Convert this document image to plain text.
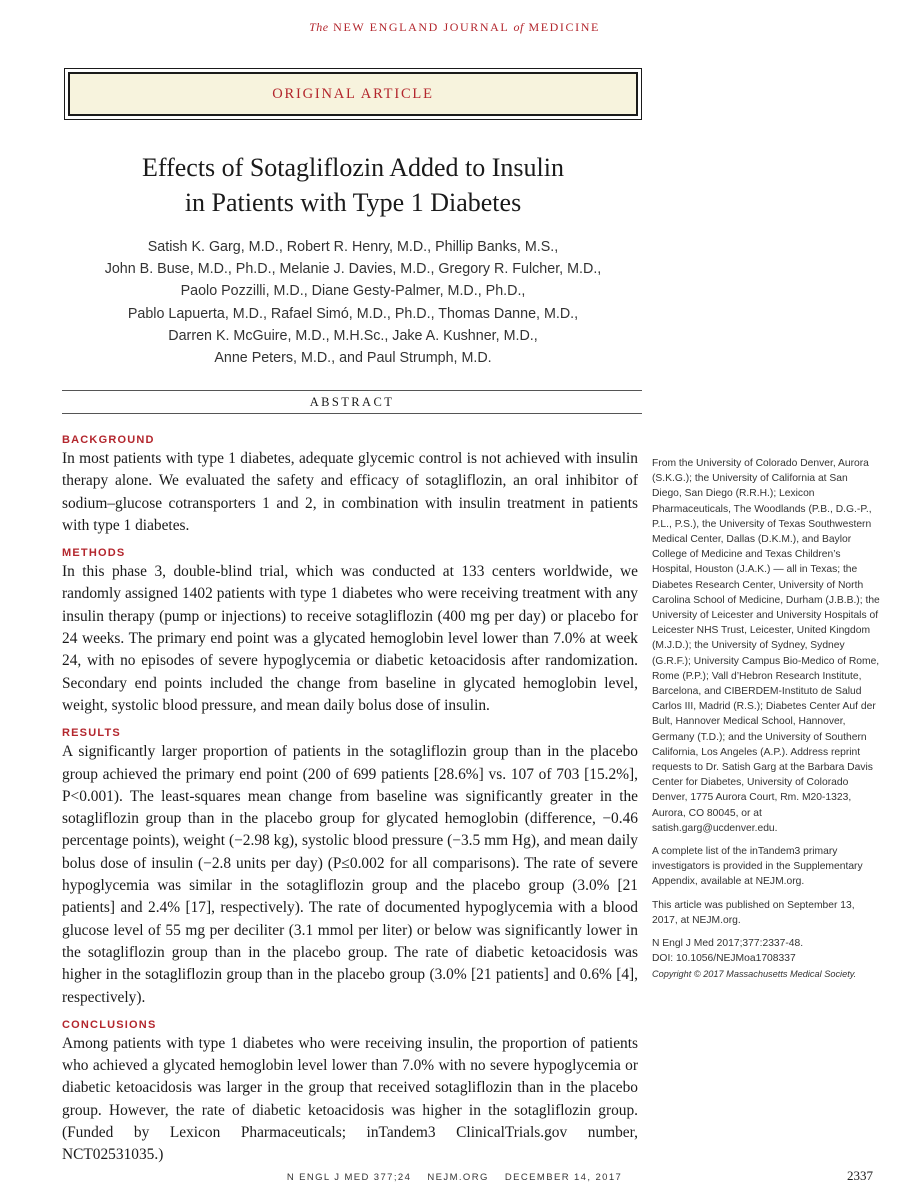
The NEW ENGLAND JOURNAL of MEDICINE
ORIGINAL ARTICLE
Effects of Sotagliflozin Added to Insulin
in Patients with Type 1 Diabetes
Satish K. Garg, M.D., Robert R. Henry, M.D., Phillip Banks, M.S.,
John B. Buse, M.D., Ph.D., Melanie J. Davies, M.D., Gregory R. Fulcher, M.D.,
Paolo Pozzilli, M.D., Diane Gesty-Palmer, M.D., Ph.D.,
Pablo Lapuerta, M.D., Rafael Simó, M.D., Ph.D., Thomas Danne, M.D.,
Darren K. McGuire, M.D., M.H.Sc., Jake A. Kushner, M.D.,
Anne Peters, M.D., and Paul Strumph, M.D.
ABSTRACT
BACKGROUND

In most patients with type 1 diabetes, adequate glycemic control is not achieved with insulin therapy alone. We evaluated the safety and efficacy of sotagliflozin, an oral inhibitor of sodium–glucose cotransporters 1 and 2, in combination with insulin treatment in patients with type 1 diabetes.

METHODS

In this phase 3, double-blind trial, which was conducted at 133 centers worldwide, we randomly assigned 1402 patients with type 1 diabetes who were receiving treatment with any insulin therapy (pump or injections) to receive sotagliflozin (400 mg per day) or placebo for 24 weeks. The primary end point was a glycated hemoglobin level lower than 7.0% at week 24, with no episodes of severe hypoglycemia or diabetic ketoacidosis after randomization. Secondary end points included the change from baseline in glycated hemoglobin level, weight, systolic blood pressure, and mean daily bolus dose of insulin.

RESULTS

A significantly larger proportion of patients in the sotagliflozin group than in the placebo group achieved the primary end point (200 of 699 patients [28.6%] vs. 107 of 703 [15.2%], P<0.001). The least-squares mean change from baseline was significantly greater in the sotagliflozin group than in the placebo group for glycated hemoglobin (difference, −0.46 percentage points), weight (−2.98 kg), systolic blood pressure (−3.5 mm Hg), and mean daily bolus dose of insulin (−2.8 units per day) (P≤0.002 for all comparisons). The rate of severe hypoglycemia was similar in the sotagliflozin group and the placebo group (3.0% [21 patients] and 2.4% [17], respectively). The rate of documented hypoglycemia with a blood glucose level of 55 mg per deciliter (3.1 mmol per liter) or below was significantly lower in the sotagliflozin group than in the placebo group. The rate of diabetic ketoacidosis was higher in the sotagliflozin group than in the placebo group (3.0% [21 patients] and 0.6% [4], respectively).

CONCLUSIONS

Among patients with type 1 diabetes who were receiving insulin, the proportion of patients who achieved a glycated hemoglobin level lower than 7.0% with no severe hypoglycemia or diabetic ketoacidosis was larger in the group that received sotagliflozin than in the placebo group. However, the rate of diabetic ketoacidosis was higher in the sotagliflozin group. (Funded by Lexicon Pharmaceuticals; inTandem3 ClinicalTrials.gov number, NCT02531035.)

From the University of Colorado Denver, Aurora (S.K.G.); the University of California at San Diego, San Diego (R.R.H.); Lexicon Pharmaceuticals, The Woodlands (P.B., D.G.-P., P.L., P.S.), the University of Texas Southwestern Medical Center, Dallas (D.K.M.), and Baylor College of Medicine and Texas Children’s Hospital, Houston (J.A.K.) — all in Texas; the Diabetes Research Center, University of North Carolina School of Medicine, Durham (J.B.B.); the University of Leicester and University Hospitals of Leicester NHS Trust, Leicester, United Kingdom (M.J.D.); the University of Sydney, Sydney (G.R.F.); University Campus Bio-Medico of Rome, Rome (P.P.); Vall d’Hebron Research Institute, Barcelona, and CIBERDEM-Instituto de Salud Carlos III, Madrid (R.S.); Diabetes Center Auf der Bult, Hannover Medical School, Hannover, Germany (T.D.); and the University of Southern California, Los Angeles (A.P.). Address reprint requests to Dr. Satish Garg at the Barbara Davis Center for Diabetes, University of Colorado Denver, 1775 Aurora Court, Rm. M20-1323, Aurora, CO 80045, or at satish.garg@ucdenver.edu.

A complete list of the inTandem3 primary investigators is provided in the Supplementary Appendix, available at NEJM.org.

This article was published on September 13, 2017, at NEJM.org.

N Engl J Med 2017;377:2337-48.

DOI: 10.1056/NEJMoa1708337

Copyright © 2017 Massachusetts Medical Society.

N ENGL J MED 377;24    NEJM.ORG    DECEMBER 14, 2017	2337
